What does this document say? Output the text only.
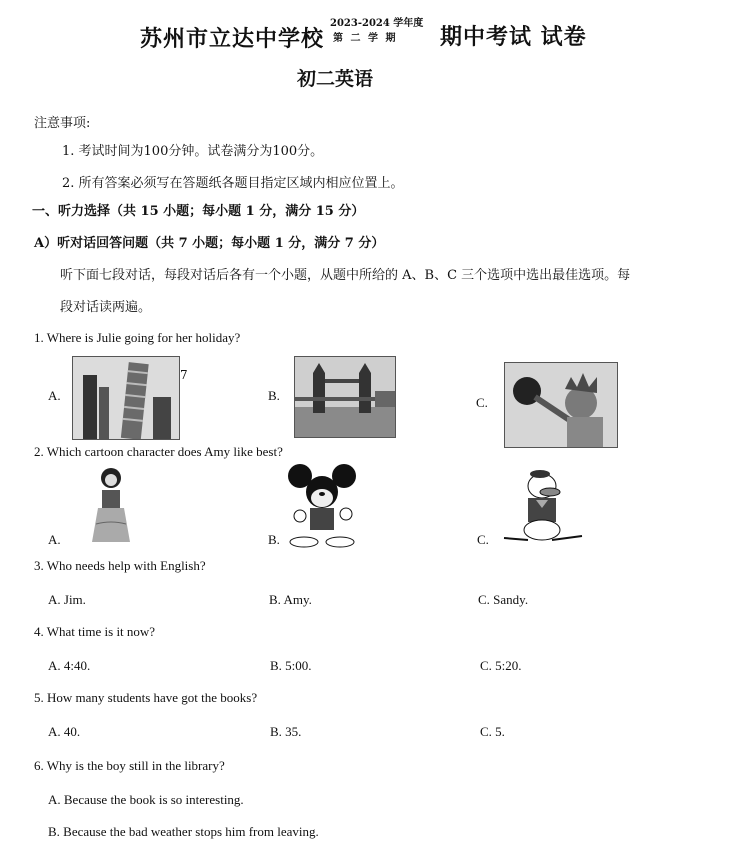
苏州市立达中学校
2023-2024 学年度
第 二 学 期 期中考试 试卷
初二英语
注意事项:
1. 考试时间为100分钟。试卷满分为100分。
2. 所有答案必须写在答题纸各题目指定区域内相应位置上。
一、听力选择（共 15 小题；每小题 1 分，满分 15 分）
A）听对话回答问题（共 7 小题；每小题 1 分，满分 7 分）
听下面七段对话，每段对话后各有一个小题，从题中所给的 A、B、C 三个选项中选出最佳选项。每
段对话读两遍。
1. Where is Julie going for her holiday?
A.
7
B.	C.
2. Which cartoon character does Amy like best?
A.	B.	C.
3. Who needs help with English?
A. Jim.	B. Amy.	C. Sandy.
4. What time is it now?
A. 4:40.	B. 5:00.	C. 5:20.
5. How many students have got the books?
A. 40.	B. 35.	C. 5.
6. Why is the boy still in the library?
A. Because the book is so interesting.
B. Because the bad weather stops him from leaving.
